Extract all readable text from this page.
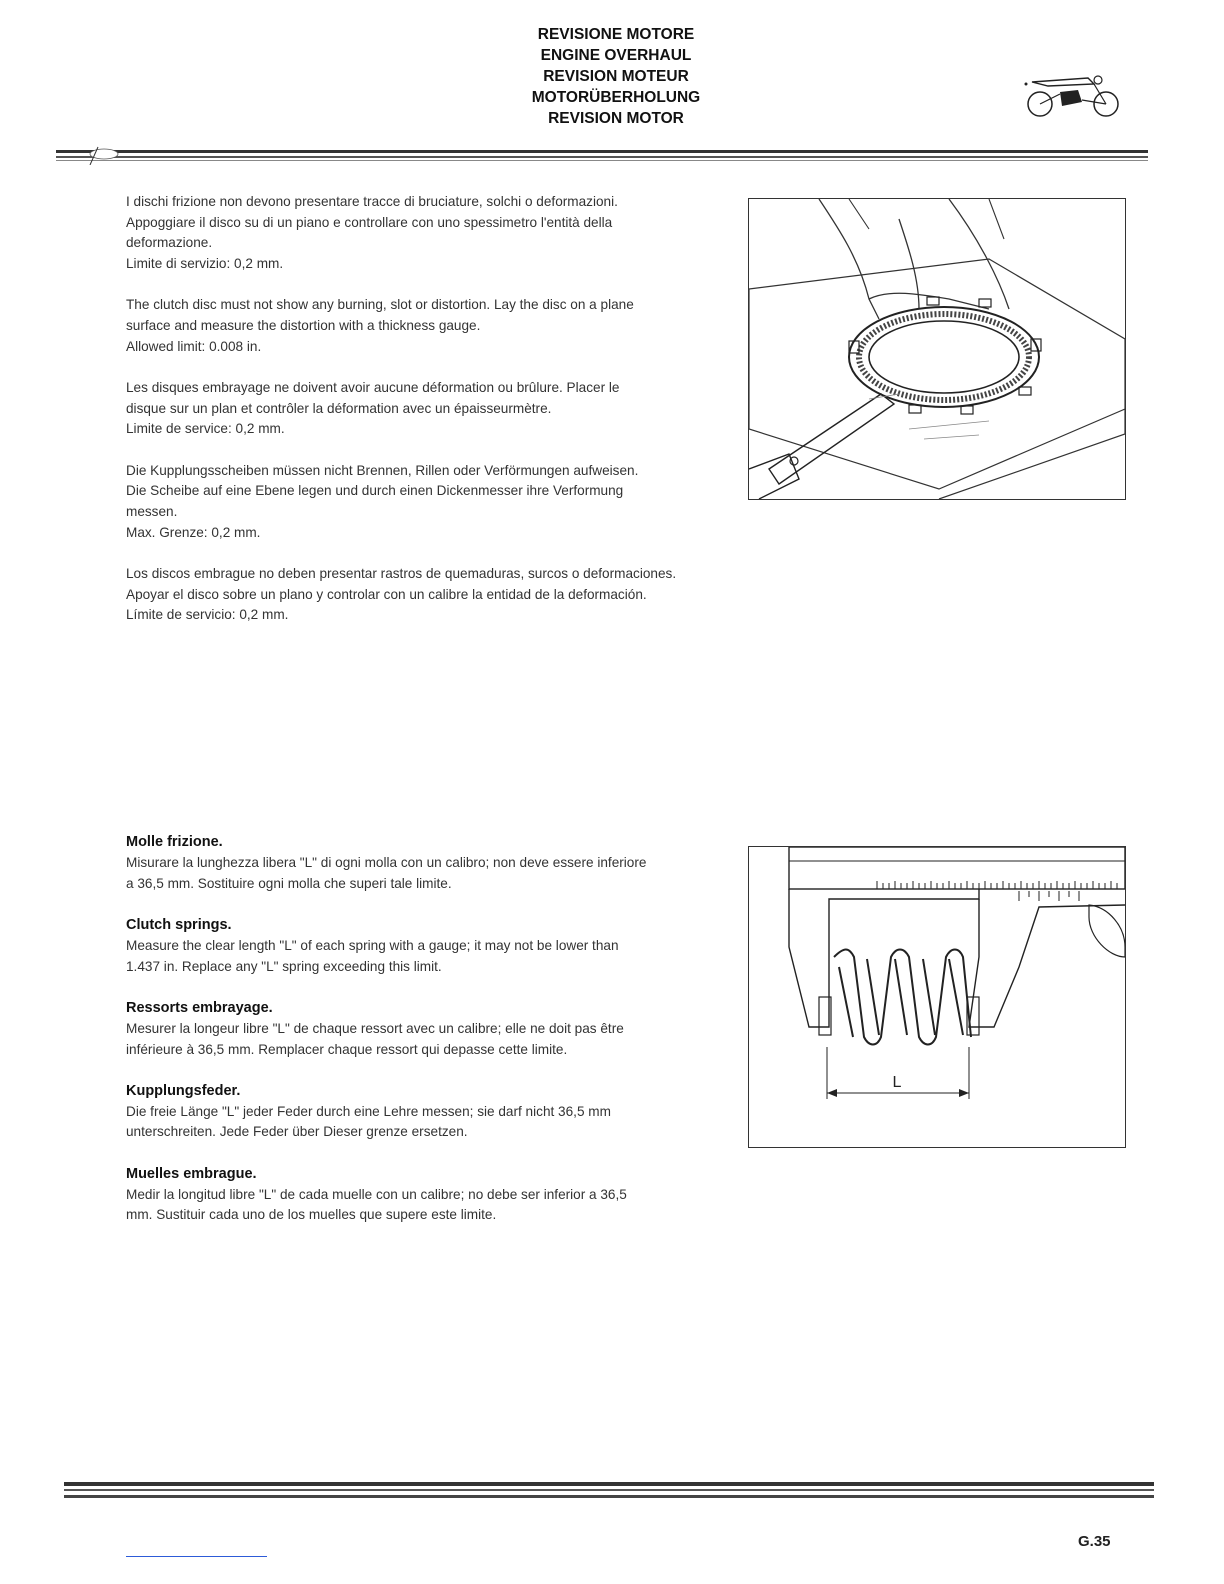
REVISIONE MOTORE
ENGINE OVERHAUL
REVISION MOTEUR
MOTORÜBERHOLUNG
REVISION MOTOR

I dischi frizione non devono presentare tracce di bruciature, solchi o deformazioni.
Appoggiare il disco su di un piano e controllare con uno spessimetro l'entità della
deformazione.
Limite di servizio: 0,2 mm.

The clutch disc must not show any burning, slot or distortion. Lay the disc on a plane
surface and measure the distortion with a thickness gauge.
Allowed limit: 0.008 in.

Les disques embrayage ne doivent avoir aucune déformation ou brûlure. Placer le
disque sur un plan et contrôler la déformation avec un épaisseurmètre.
Limite de service: 0,2 mm.

Die Kupplungsscheiben müssen nicht Brennen, Rillen oder Verförmungen aufweisen.
Die Scheibe auf eine Ebene legen und durch einen Dickenmesser ihre Verformung
messen.
Max. Grenze: 0,2 mm.

Los discos embrague no deben presentar rastros de quemaduras, surcos o deformaciones.
Apoyar el disco sobre un plano y controlar con un calibre la entidad de la deformación.
Límite de servicio: 0,2 mm.

Molle frizione.

Misurare la lunghezza libera "L" di ogni molla con un calibro; non deve essere inferiore
a 36,5 mm. Sostituire ogni molla che superi tale limite.

Clutch springs.

Measure the clear length "L" of each spring with a gauge; it may not be lower than
1.437 in. Replace any "L" spring exceeding this limit.

Ressorts embrayage.

Mesurer la longeur libre "L" de chaque ressort avec un calibre; elle ne doit pas être
inférieure à 36,5 mm. Remplacer chaque ressort qui depasse cette limite.

Kupplungsfeder.

Die freie Länge "L" jeder Feder durch eine Lehre messen; sie darf nicht 36,5 mm
unterschreiten. Jede Feder über Dieser grenze ersetzen.

Muelles embrague.

Medir la longitud libre "L" de cada muelle con un calibre; no debe ser inferior a 36,5
mm. Sustituir cada uno de los muelles que supere este limite.

L
G.35
